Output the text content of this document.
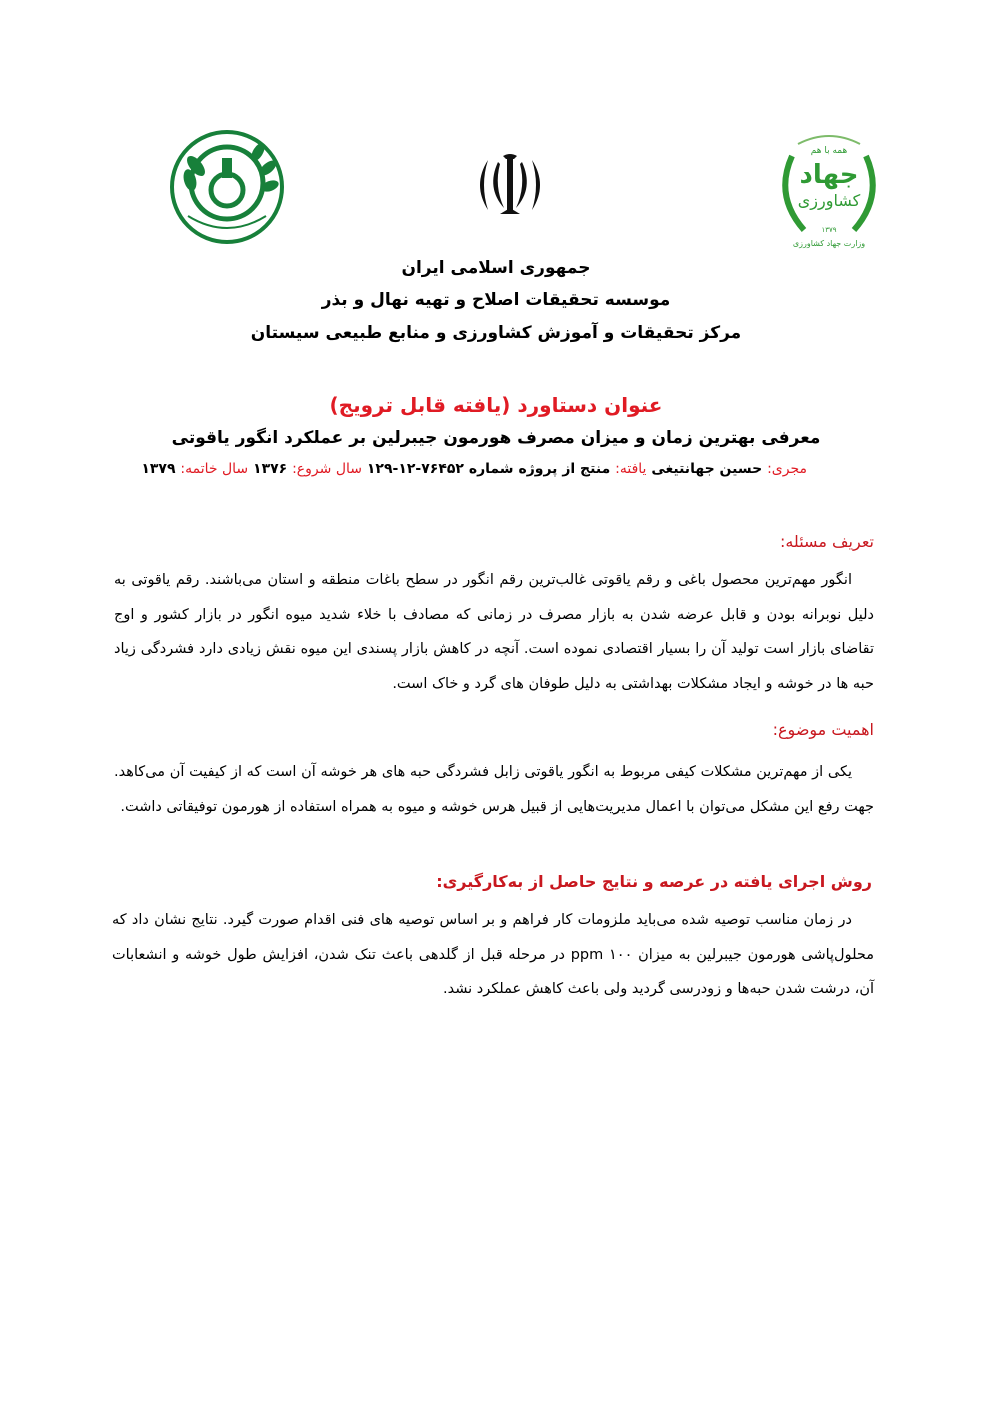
همه با هم
جهاد
کشاورزی
۱۳۷۹
وزارت جهاد کشاورزی
جمهوری اسلامی ایران
موسسه تحقیقات اصلاح و تهیه نهال و بذر
مرکز تحقیقات و آموزش کشاورزی و منابع طبیعی سیستان
عنوان دستاورد (یافته قابل ترویج)
معرفی بهترین زمان و میزان مصرف هورمون جیبرلین بر عملکرد انگور یاقوتی
مجری: حسین جهانتیغی یافته: منتج از پروژه شماره ۷۶۴۵۲-۱۲-۱۲۹ سال شروع: ۱۳۷۶ سال خاتمه: ۱۳۷۹
تعریف مسئله:
انگور مهم‌ترین محصول باغی و رقم یاقوتی غالب‌ترین رقم انگور در سطح باغات منطقه و استان می‌باشند. رقم یاقوتی به دلیل نوبرانه بودن و قابل عرضه شدن به بازار مصرف در زمانی که مصادف با خلاء شدید میوه انگور در بازار کشور و اوج تقاضای بازار است تولید آن را بسیار اقتصادی نموده است. آنچه در کاهش بازار پسندی این میوه نقش زیادی دارد فشردگی زیاد حبه ها در خوشه و ایجاد مشکلات بهداشتی به دلیل طوفان های گرد و خاک است.
اهمیت موضوع:
یکی از مهم‌ترین مشکلات کیفی مربوط به انگور یاقوتی زابل فشردگی حبه های هر خوشه آن است که از کیفیت آن می‌کاهد. جهت رفع این مشکل می‌توان با اعمال مدیریت‌هایی از قبیل هرس خوشه و میوه به همراه استفاده از هورمون توفیقاتی داشت.
روش اجرای یافته در عرصه و نتایج حاصل از به‌کارگیری:
در زمان مناسب توصیه شده می‌باید ملزومات کار فراهم و بر اساس توصیه های فنی اقدام صورت گیرد. نتایج نشان داد که محلول‌پاشی هورمون جیبرلین به میزان ۱۰۰ ppm در مرحله قبل از گلدهی باعث تنک شدن، افزایش طول خوشه و انشعابات آن، درشت شدن حبه‌ها و زودرسی گردید ولی باعث کاهش عملکرد نشد.
